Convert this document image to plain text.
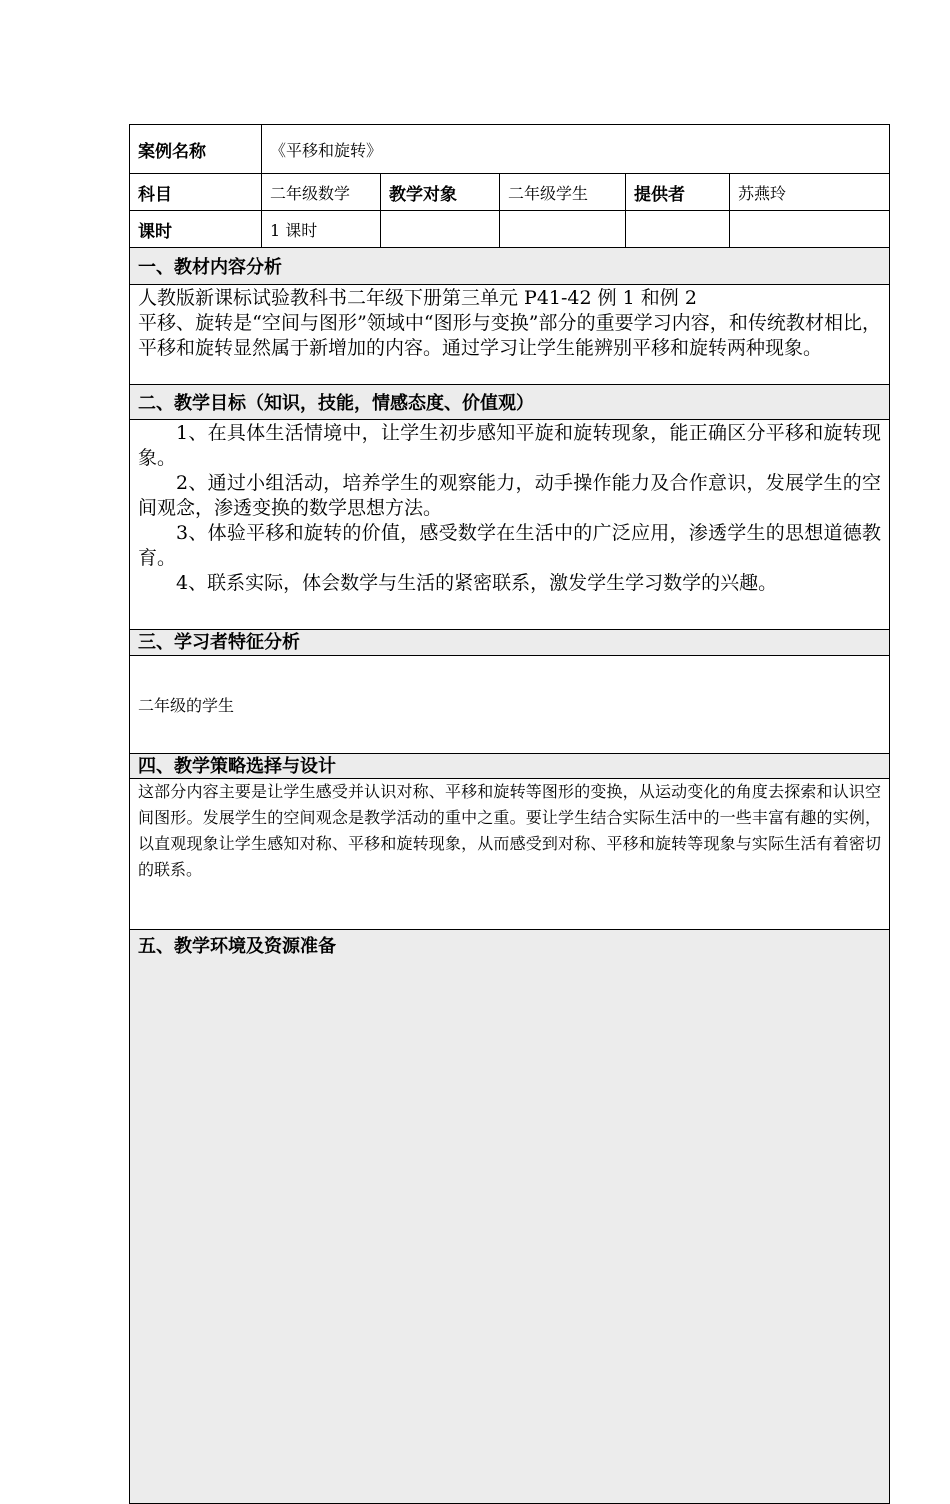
案例名称	《平移和旋转》				
科目	二年级数学	教学对象	二年级学生	提供者	苏燕玲
课时	1 课时				
一、教材内容分析					

人教版新课标试验教科书二年级下册第三单元 P41-42 例 1 和例 2

平移、旋转是“空间与图形”领域中“图形与变换”部分的重要学习内容，和传统教材相比，平移和旋转显然属于新增加的内容。通过学习让学生能辨别平移和旋转两种现象。					

二、教学目标（知识，技能，情感态度、价值观）					

1、在具体生活情境中，让学生初步感知平旋和旋转现象，能正确区分平移和旋转现象。

2、通过小组活动，培养学生的观察能力，动手操作能力及合作意识，发展学生的空间观念，渗透变换的数学思想方法。

3、体验平移和旋转的价值，感受数学在生活中的广泛应用，渗透学生的思想道德教育。

4、联系实际，体会数学与生活的紧密联系，激发学生学习数学的兴趣。					

三、学习者特征分析					
二年级的学生					
四、教学策略选择与设计					
这部分内容主要是让学生感受并认识对称、平移和旋转等图形的变换，从运动变化的角度去探索和认识空间图形。发展学生的空间观念是教学活动的重中之重。要让学生结合实际生活中的一些丰富有趣的实例，以直观现象让学生感知对称、平移和旋转现象，从而感受到对称、平移和旋转等现象与实际生活有着密切的联系。					
五、教学环境及资源准备					
